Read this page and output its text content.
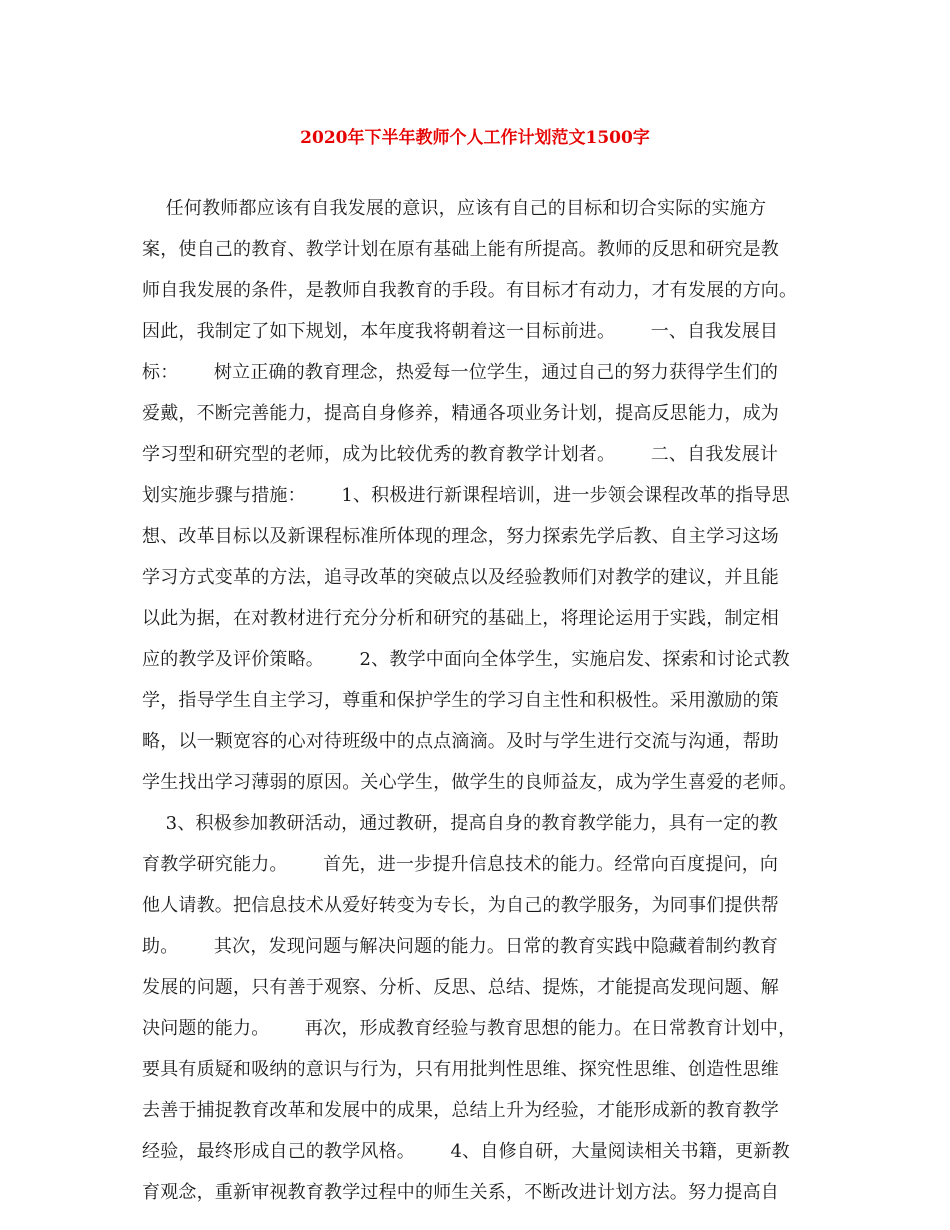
2020年下半年教师个人工作计划范文1500字
任何教师都应该有自我发展的意识，应该有自己的目标和切合实际的实施方
案，使自己的教育、教学计划在原有基础上能有所提高。教师的反思和研究是教
师自我发展的条件，是教师自我教育的手段。有目标才有动力，才有发展的方向。
因此，我制定了如下规划，本年度我将朝着这一目标前进。      一、自我发展目
标：      树立正确的教育理念，热爱每一位学生，通过自己的努力获得学生们的
爱戴，不断完善能力，提高自身修养，精通各项业务计划，提高反思能力，成为
学习型和研究型的老师，成为比较优秀的教育教学计划者。      二、自我发展计
划实施步骤与措施：      1、积极进行新课程培训，进一步领会课程改革的指导思
想、改革目标以及新课程标准所体现的理念，努力探索先学后教、自主学习这场
学习方式变革的方法，追寻改革的突破点以及经验教师们对教学的建议，并且能
以此为据，在对教材进行充分分析和研究的基础上，将理论运用于实践，制定相
应的教学及评价策略。      2、教学中面向全体学生，实施启发、探索和讨论式教
学，指导学生自主学习，尊重和保护学生的学习自主性和积极性。采用激励的策
略，以一颗宽容的心对待班级中的点点滴滴。及时与学生进行交流与沟通，帮助
学生找出学习薄弱的原因。关心学生，做学生的良师益友，成为学生喜爱的老师。
3、积极参加教研活动，通过教研，提高自身的教育教学能力，具有一定的教
育教学研究能力。      首先，进一步提升信息技术的能力。经常向百度提问，向
他人请教。把信息技术从爱好转变为专长，为自己的教学服务，为同事们提供帮
助。      其次，发现问题与解决问题的能力。日常的教育实践中隐藏着制约教育
发展的问题，只有善于观察、分析、反思、总结、提炼，才能提高发现问题、解
决问题的能力。      再次，形成教育经验与教育思想的能力。在日常教育计划中，
要具有质疑和吸纳的意识与行为，只有用批判性思维、探究性思维、创造性思维
去善于捕捉教育改革和发展中的成果，总结上升为经验，才能形成新的教育教学
经验，最终形成自己的教学风格。      4、自修自研，大量阅读相关书籍，更新教
育观念，重新审视教育教学过程中的师生关系，不断改进计划方法。努力提高自
